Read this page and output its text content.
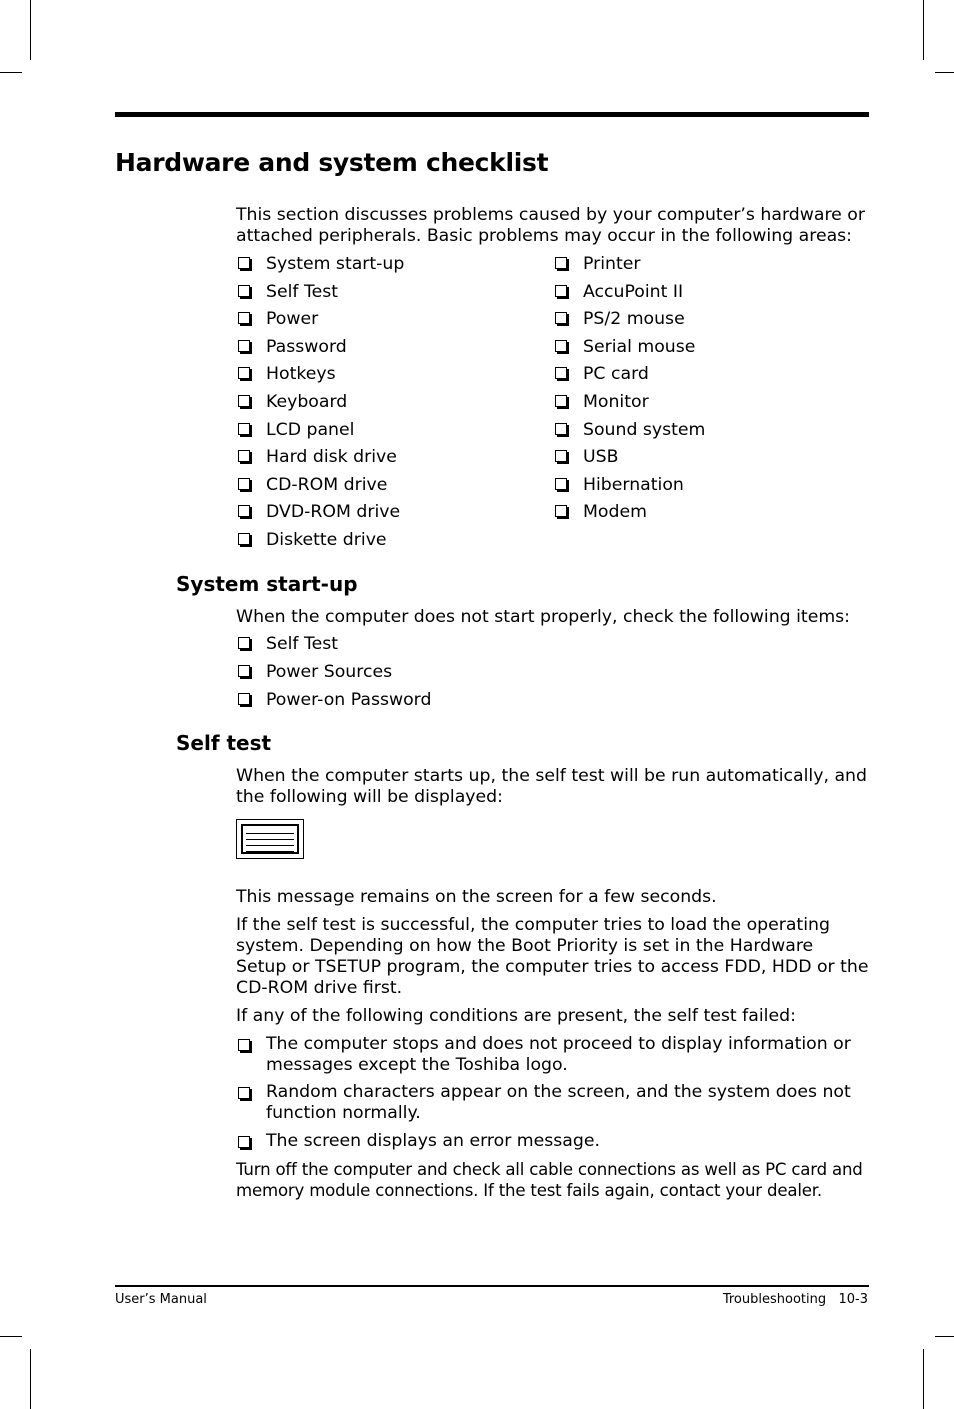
Hardware and system checklist

This section discusses problems caused by your computer’s hardware or

attached peripherals. Basic problems may occur in the following areas:

System start-up
Self Test
Power
Password
Hotkeys
Keyboard
LCD panel
Hard disk drive
CD-ROM drive
DVD-ROM drive
Diskette drive
Printer
AccuPoint II
PS/2 mouse
Serial mouse
PC card
Monitor
Sound system
USB
Hibernation
Modem
System start-up
When the computer does not start properly, check the following items:
Self Test
Power Sources
Power-on Password
Self test

When the computer starts up, the self test will be run automatically, and

the following will be displayed:

This message remains on the screen for a few seconds.

If the self test is successful, the computer tries to load the operating

system. Depending on how the Boot Priority is set in the Hardware

Setup or TSETUP program, the computer tries to access FDD, HDD or the

CD-ROM drive first.

If any of the following conditions are present, the self test failed:
The computer stops and does not proceed to display information or
messages except the Toshiba logo.
Random characters appear on the screen, and the system does not
function normally.
The screen displays an error message.

Turn off the computer and check all cable connections as well as PC card and

memory module connections. If the test fails again, contact your dealer.

User’s Manual	Troubleshooting   10-3
